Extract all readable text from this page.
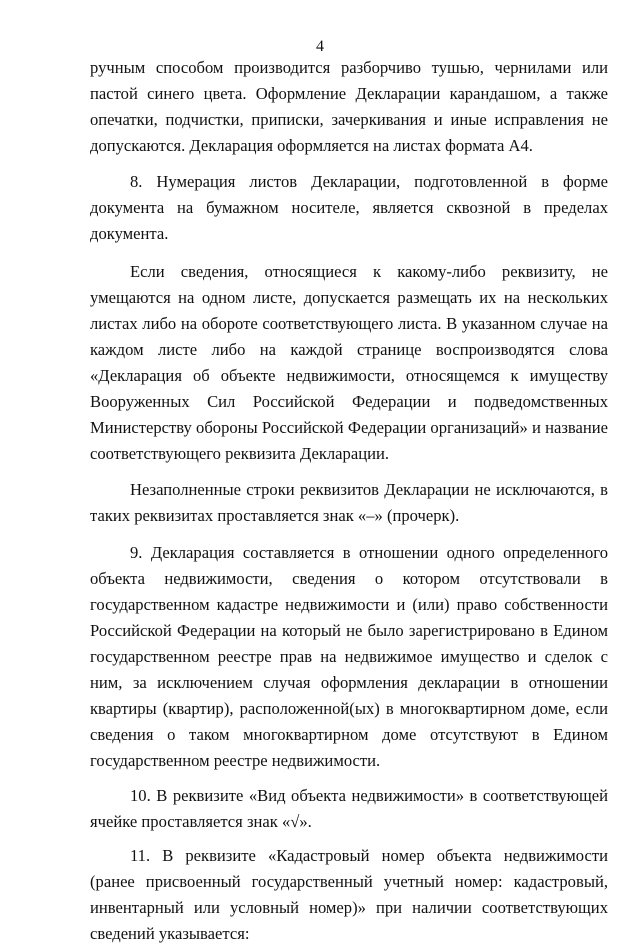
4

ручным способом производится разборчиво тушью, чернилами или пастой синего цвета. Оформление Декларации карандашом, а также опечатки, подчистки, приписки, зачеркивания и иные исправления не допускаются. Декларация оформляется на листах формата А4.

8. Нумерация листов Декларации, подготовленной в форме документа на бумажном носителе, является сквозной в пределах документа.

Если сведения, относящиеся к какому-либо реквизиту, не умещаются на одном листе, допускается размещать их на нескольких листах либо на обороте соответствующего листа. В указанном случае на каждом листе либо на каждой странице воспроизводятся слова «Декларация об объекте недвижимости, относящемся к имуществу Вооруженных Сил Российской Федерации и подведомственных Министерству обороны Российской Федерации организаций» и название соответствующего реквизита Декларации.

Незаполненные строки реквизитов Декларации не исключаются, в таких реквизитах проставляется знак «–» (прочерк).

9. Декларация составляется в отношении одного определенного объекта недвижимости, сведения о котором отсутствовали в государственном кадастре недвижимости и (или) право собственности Российской Федерации на который не было зарегистрировано в Едином государственном реестре прав на недвижимое имущество и сделок с ним, за исключением случая оформления декларации в отношении квартиры (квартир), расположенной(ых) в многоквартирном доме, если сведения о таком многоквартирном доме отсутствуют в Едином государственном реестре недвижимости.

10. В реквизите «Вид объекта недвижимости» в соответствующей ячейке проставляется знак «√».

11. В реквизите «Кадастровый номер объекта недвижимости (ранее присвоенный государственный учетный номер: кадастровый, инвентарный или условный номер)» при наличии соответствующих сведений указывается:
